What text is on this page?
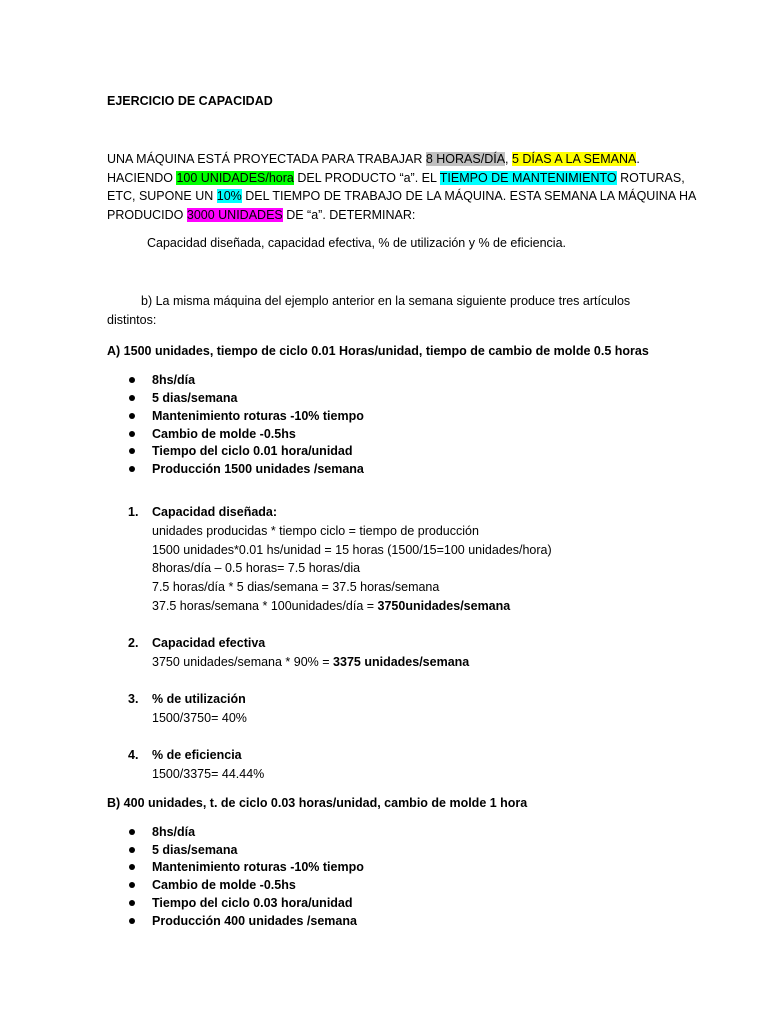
EJERCICIO DE CAPACIDAD
UNA MÁQUINA ESTÁ PROYECTADA PARA TRABAJAR 8 HORAS/DÍA, 5 DÍAS A LA SEMANA.
HACIENDO 100 UNIDADES/hora DEL PRODUCTO “a”. EL TIEMPO DE MANTENIMIENTO ROTURAS,
ETC, SUPONE UN 10% DEL TIEMPO DE TRABAJO DE LA MÁQUINA. ESTA SEMANA LA MÁQUINA HA
PRODUCIDO 3000 UNIDADES DE “a”. DETERMINAR:
Capacidad diseñada, capacidad efectiva, % de utilización y % de eficiencia.
b) La misma máquina del ejemplo anterior en la semana siguiente produce tres artículos
distintos:
A) 1500 unidades, tiempo de ciclo 0.01 Horas/unidad, tiempo de cambio de molde 0.5 horas
8hs/día
5 dias/semana
Mantenimiento roturas -10% tiempo
Cambio de molde -0.5hs
Tiempo del ciclo 0.01 hora/unidad
Producción 1500 unidades /semana
1. Capacidad diseñada:
unidades producidas * tiempo ciclo = tiempo de producción
1500 unidades*0.01 hs/unidad = 15 horas (1500/15=100 unidades/hora)
8horas/día – 0.5 horas= 7.5 horas/dia
7.5 horas/día * 5 dias/semana = 37.5 horas/semana
37.5 horas/semana * 100unidades/día = 3750unidades/semana
2. Capacidad efectiva
3750 unidades/semana * 90% = 3375 unidades/semana
3. % de utilización
1500/3750= 40%
4. % de eficiencia
1500/3375= 44.44%
B) 400 unidades, t. de ciclo 0.03 horas/unidad, cambio de molde 1 hora
8hs/día
5 dias/semana
Mantenimiento roturas -10% tiempo
Cambio de molde -0.5hs
Tiempo del ciclo 0.03 hora/unidad
Producción 400 unidades /semana
